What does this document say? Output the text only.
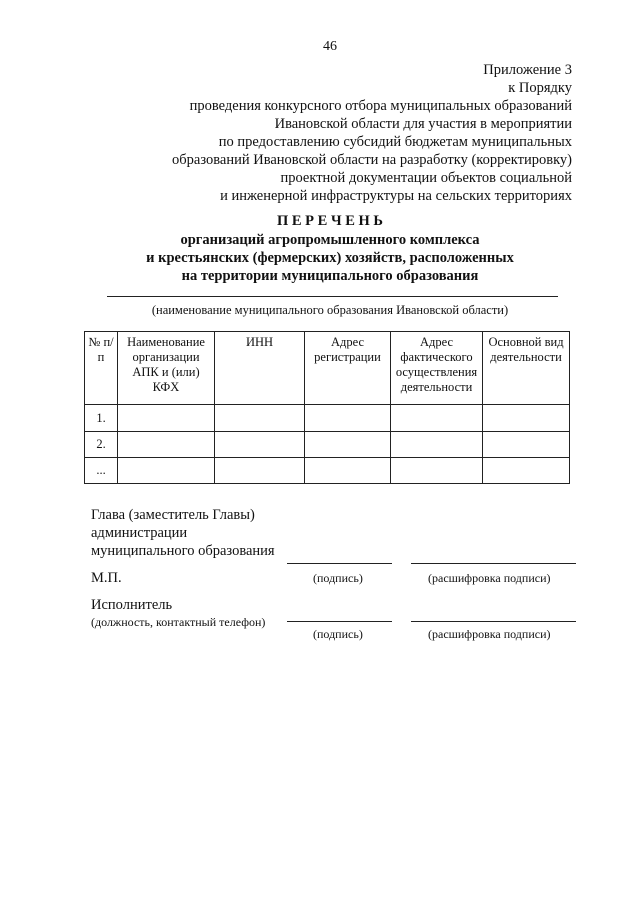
46
Приложение 3
к Порядку
проведения конкурсного отбора муниципальных образований
Ивановской области для участия в мероприятии
по предоставлению субсидий бюджетам муниципальных
образований Ивановской области на разработку (корректировку)
проектной документации объектов социальной
и инженерной инфраструктуры на сельских территориях
П Е Р Е Ч Е Н Ь
организаций агропромышленного комплекса
и крестьянских (фермерских) хозяйств, расположенных
на территории муниципального образования
(наименование муниципального образования Ивановской области)
№ п/п	Наименование организации АПК и (или) КФХ	ИНН	Адрес регистрации	Адрес фактического осуществления деятельности	Основной вид деятельности
1.					
2.					
...					
Глава (заместитель Главы)
администрации
муниципального образования
М.П.	(подпись)	(расшифровка подписи)
Исполнитель
(должность, контактный телефон)
(подпись)	(расшифровка подписи)
